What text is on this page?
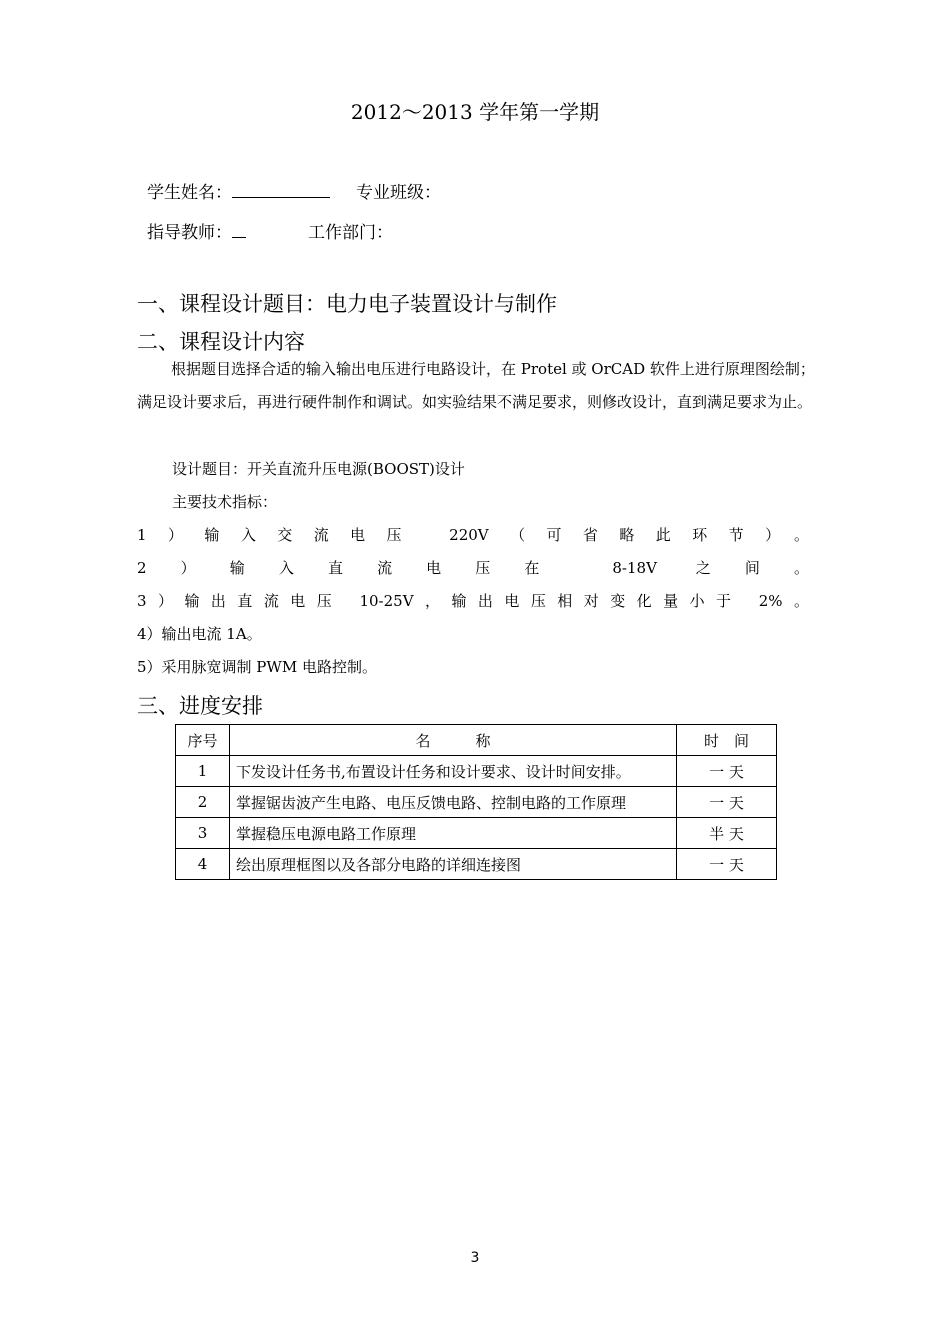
2012～2013 学年第一学期
学生姓名：	专业班级：
指导教师：	工作部门：
一、课程设计题目：电力电子装置设计与制作
二、课程设计内容
根据题目选择合适的输入输出电压进行电路设计，在 Protel 或 OrCAD 软件上进行原理图绘制；满足设计要求后，再进行硬件制作和调试。如实验结果不满足要求，则修改设计，直到满足要求为止。
设计题目：开关直流升压电源(BOOST)设计
主要技术指标：
1）输入交流电压 220V（可省略此环节）。
2）输入直流电压在 8-18V 之间。
3）输出直流电压 10-25V，输出电压相对变化量小于 2%。
4）输出电流 1A。
5）采用脉宽调制 PWM 电路控制。
三、进度安排
序号	名　　　称	时　间
1	下发设计任务书,布置设计任务和设计要求、设计时间安排。	一 天
2	掌握锯齿波产生电路、电压反馈电路、控制电路的工作原理	一 天
3	掌握稳压电源电路工作原理	半 天
4	绘出原理框图以及各部分电路的详细连接图	一 天
3
